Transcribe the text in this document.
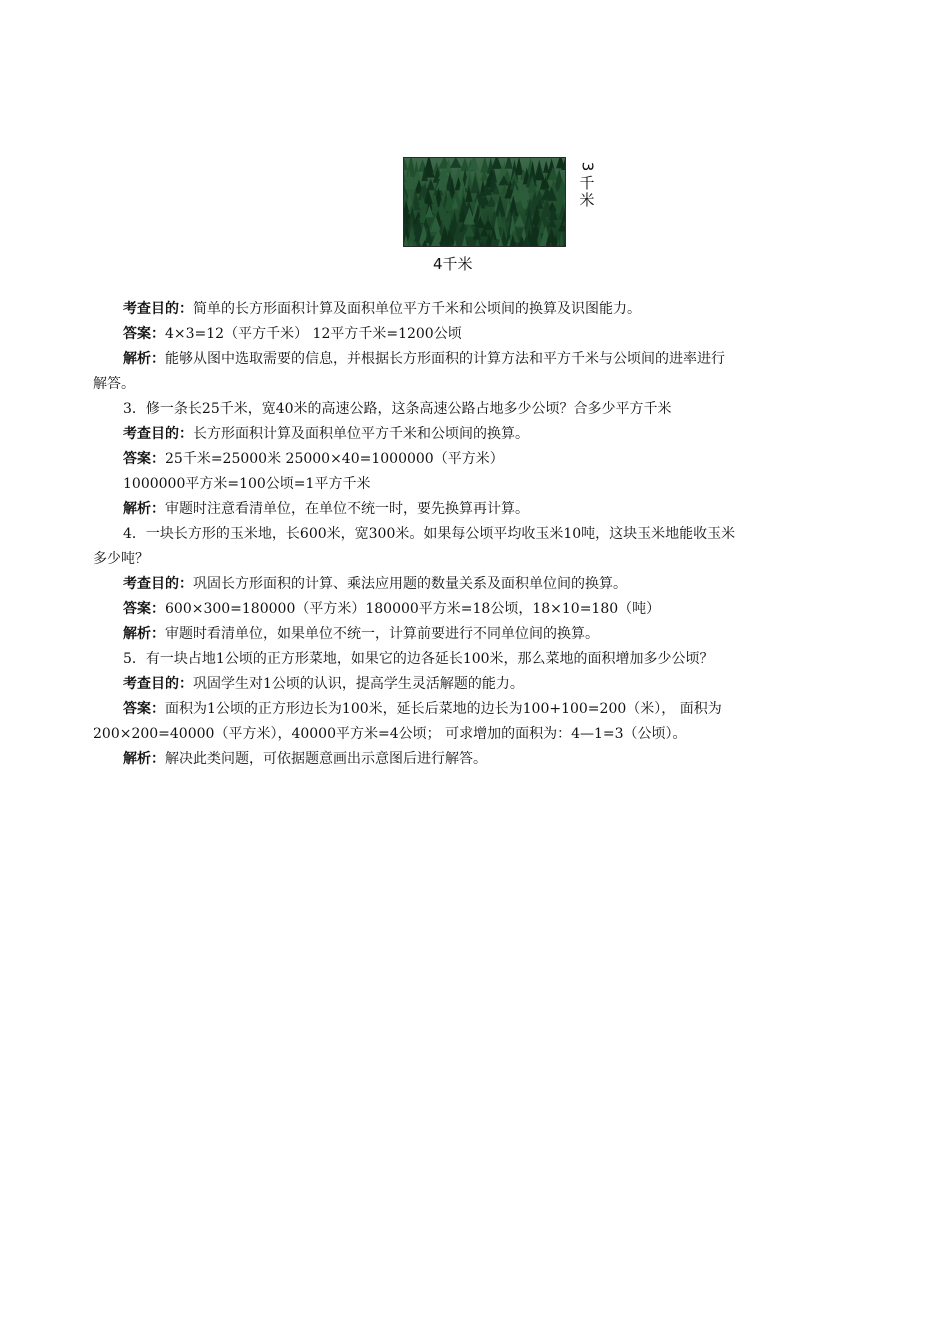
3
千
米
4千米
考查目的：简单的长方形面积计算及面积单位平方千米和公顷间的换算及识图能力。
答案：4×3=12（平方千米） 12平方千米=1200公顷
解析：能够从图中选取需要的信息，并根据长方形面积的计算方法和平方千米与公顷间的进率进行
解答。
3．修一条长25千米，宽40米的高速公路，这条高速公路占地多少公顷？合多少平方千米
考查目的：长方形面积计算及面积单位平方千米和公顷间的换算。
答案：25千米=25000米 25000×40=1000000（平方米）
1000000平方米=100公顷=1平方千米
解析：审题时注意看清单位，在单位不统一时，要先换算再计算。
4．一块长方形的玉米地，长600米，宽300米。如果每公顷平均收玉米10吨，这块玉米地能收玉米
多少吨？
考查目的：巩固长方形面积的计算、乘法应用题的数量关系及面积单位间的换算。
答案：600×300=180000（平方米）180000平方米=18公顷，18×10=180（吨）
解析：审题时看清单位，如果单位不统一，计算前要进行不同单位间的换算。
5．有一块占地1公顷的正方形菜地，如果它的边各延长100米，那么菜地的面积增加多少公顷？
考查目的：巩固学生对1公顷的认识，提高学生灵活解题的能力。
答案：面积为1公顷的正方形边长为100米，延长后菜地的边长为100+100=200（米）， 面积为
200×200=40000（平方米），40000平方米=4公顷； 可求增加的面积为：4—1=3（公顷）。
解析：解决此类问题，可依据题意画出示意图后进行解答。
